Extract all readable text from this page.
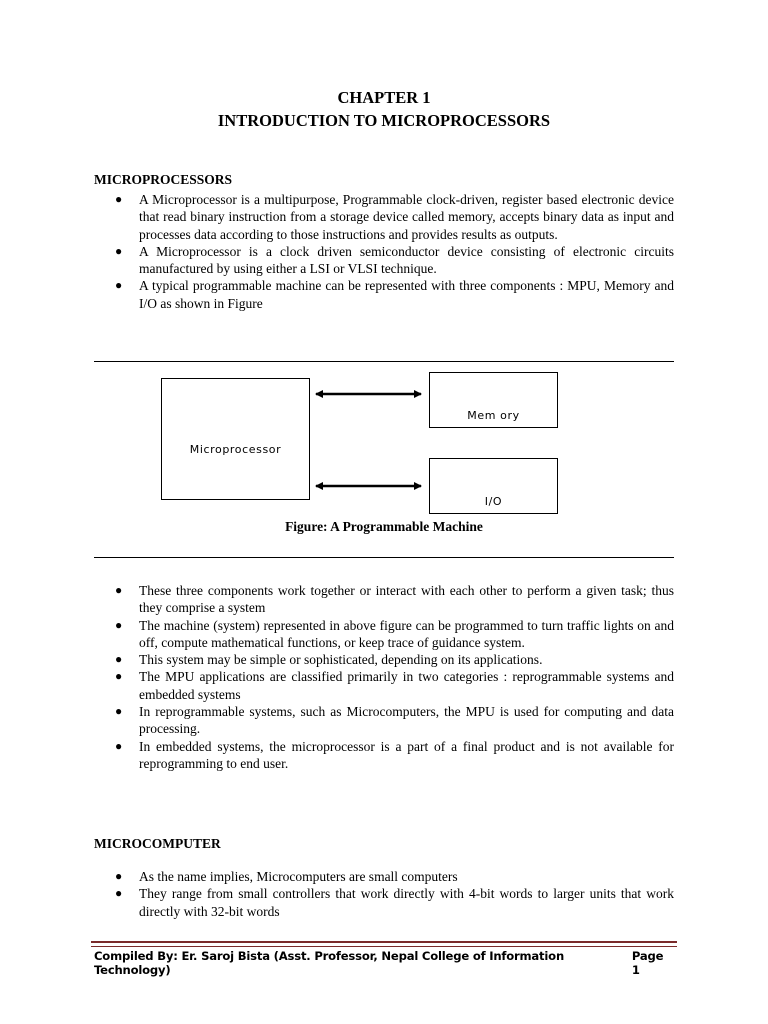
CHAPTER 1
INTRODUCTION TO MICROPROCESSORS
MICROPROCESSORS
● A Microprocessor is a multipurpose, Programmable clock-driven, register based electronic device that read binary instruction from a storage device called memory, accepts binary data as input and processes data according to those instructions and provides results as outputs.
● A Microprocessor is a clock driven semiconductor device consisting of electronic circuits manufactured by using either a LSI or VLSI technique.
● A typical programmable machine can be represented with three components : MPU, Memory and I/O as shown in Figure
Microprocessor
Mem ory
I/O
Figure: A Programmable Machine
● These three components work together or interact with each other to perform a given task; thus they comprise a system
● The machine (system) represented in above figure can be programmed to turn traffic lights on and off, compute mathematical functions, or keep trace of guidance system.
● This system may be simple or sophisticated, depending on its applications.
● The MPU applications are classified primarily in two categories : reprogrammable systems and embedded systems
● In reprogrammable systems, such as Microcomputers, the MPU is used for computing and data processing.
● In embedded systems, the microprocessor is a part of a final product and is not available for reprogramming to end user.
MICROCOMPUTER
● As the name implies, Microcomputers are small computers
● They range from small controllers that work directly with 4-bit words to larger units that work directly with 32-bit words
Compiled By: Er. Saroj Bista (Asst. Professor, Nepal College of Information Technology)
Page 1
